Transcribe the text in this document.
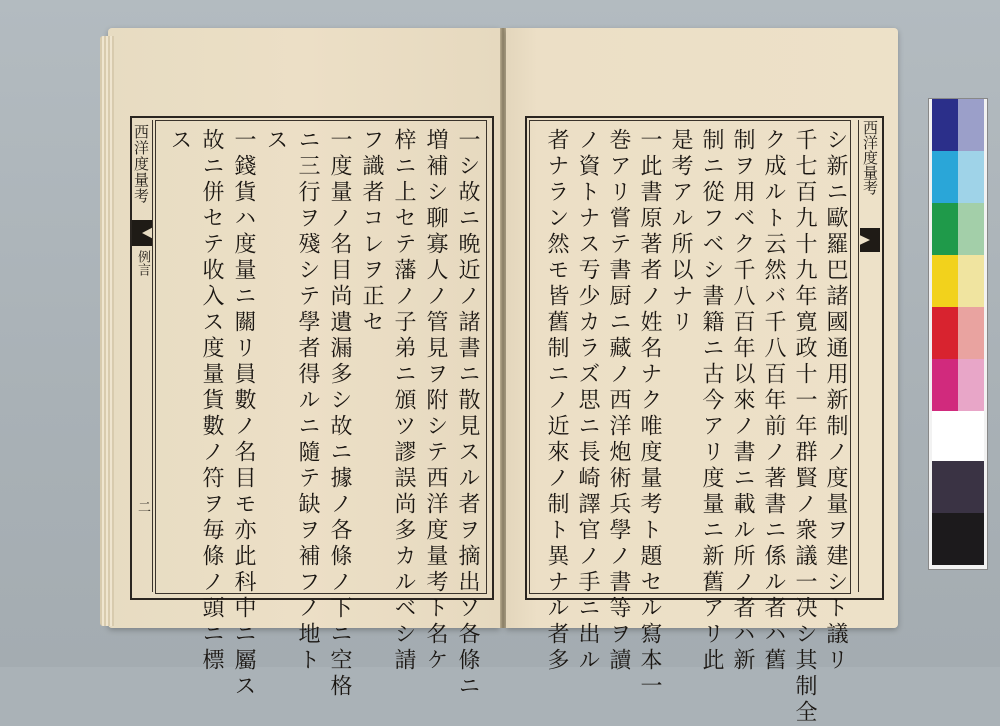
西洋度量考
例言
二
西洋度量考
一シ故ニ晩近ノ諸書ニ散見スル者ヲ摘出ソ各條ニ
増補シ聊寡人ノ管見ヲ附シテ西洋度量考ト名ケ
梓ニ上セテ藩ノ子弟ニ頒ツ謬誤尚多カルベシ請
フ識者コレヲ正セ
一度量ノ名目尚遺漏多シ故ニ據ノ各條ノ下ニ空格
ニ三行ヲ殘シテ學者得ルニ隨テ缺ヲ補フノ地ト
ス
一錢貨ハ度量ニ關リ員數ノ名目モ亦此科中ニ屬ス
故ニ併セテ收入ス度量貨數ノ符ヲ毎條ノ頭ニ標
ス	シ新ニ歐羅巴諸國通用新制ノ度量ヲ建シト議リ
千七百九十九年寛政十一年群賢ノ衆議一决シ其制全
ク成ルト云然バ千八百年前ノ著書ニ係ル者ハ舊
制ヲ用ベク千八百年以來ノ書ニ載ル所ノ者ハ新
制ニ從フベシ書籍ニ古今アリ度量ニ新舊アリ此
是考アル所以ナリ
一此書原著者ノ姓名ナク唯度量考ト題セル寫本一
巻アリ嘗テ書厨ニ藏ノ西洋炮術兵學ノ書等ヲ讀
ノ資トナス亐少カラズ思ニ長崎譯官ノ手ニ出ル
者ナラン然モ皆舊制ニノ近來ノ制ト異ナル者多
